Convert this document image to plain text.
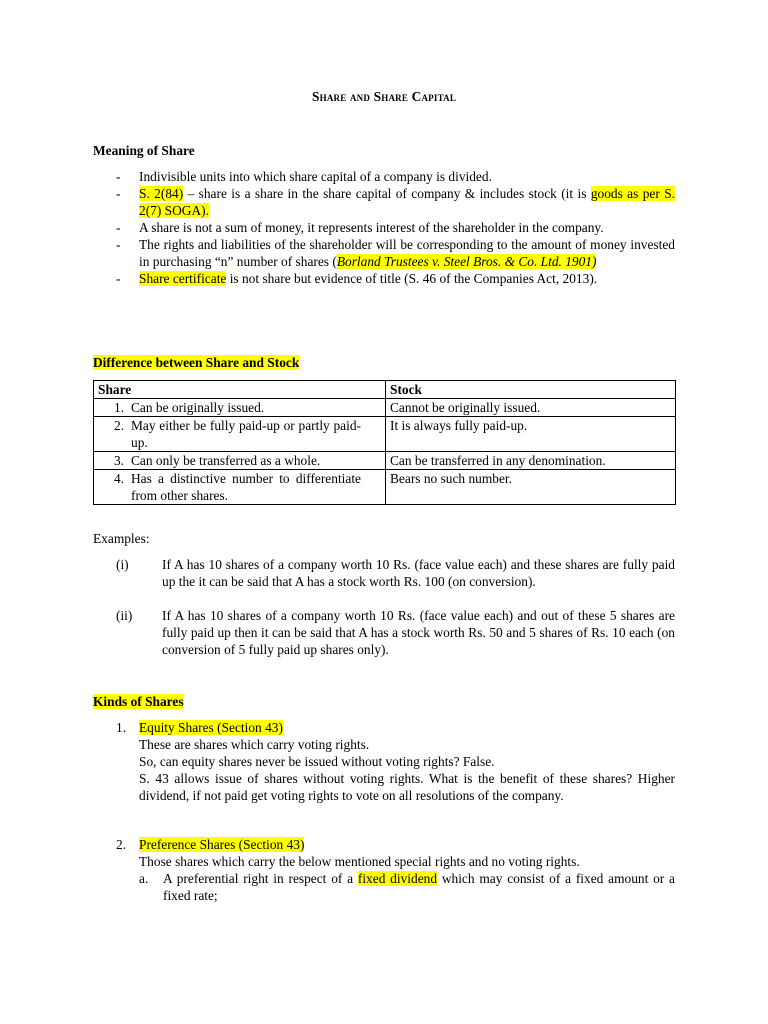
Share and Share Capital
Meaning of Share
- Indivisible units into which share capital of a company is divided.
- S. 2(84) – share is a share in the share capital of company & includes stock (it is goods as per S. 2(7) SOGA).
- A share is not a sum of money, it represents interest of the shareholder in the company.
- The rights and liabilities of the shareholder will be corresponding to the amount of money invested in purchasing “n” number of shares (Borland Trustees v. Steel Bros. & Co. Ltd. 1901)
- Share certificate is not share but evidence of title (S. 46 of the Companies Act, 2013).
Difference between Share and Stock
Share	Stock
1. Can be originally issued.	Cannot be originally issued.
2. May either be fully paid-up or partly paid-up.	It is always fully paid-up.
3. Can only be transferred as a whole.	Can be transferred in any denomination.
4. Has a distinctive number to differentiate from other shares.	Bears no such number.
Examples:
(i) If A has 10 shares of a company worth 10 Rs. (face value each) and these shares are fully paid up the it can be said that A has a stock worth Rs. 100 (on conversion).
(ii) If A has 10 shares of a company worth 10 Rs. (face value each) and out of these 5 shares are fully paid up then it can be said that A has a stock worth Rs. 50 and 5 shares of Rs. 10 each (on conversion of 5 fully paid up shares only).
Kinds of Shares
1. Equity Shares (Section 43)
These are shares which carry voting rights.
So, can equity shares never be issued without voting rights? False.
S. 43 allows issue of shares without voting rights. What is the benefit of these shares? Higher dividend, if not paid get voting rights to vote on all resolutions of the company.
2. Preference Shares (Section 43)
Those shares which carry the below mentioned special rights and no voting rights.
a. A preferential right in respect of a fixed dividend which may consist of a fixed amount or a fixed rate;
